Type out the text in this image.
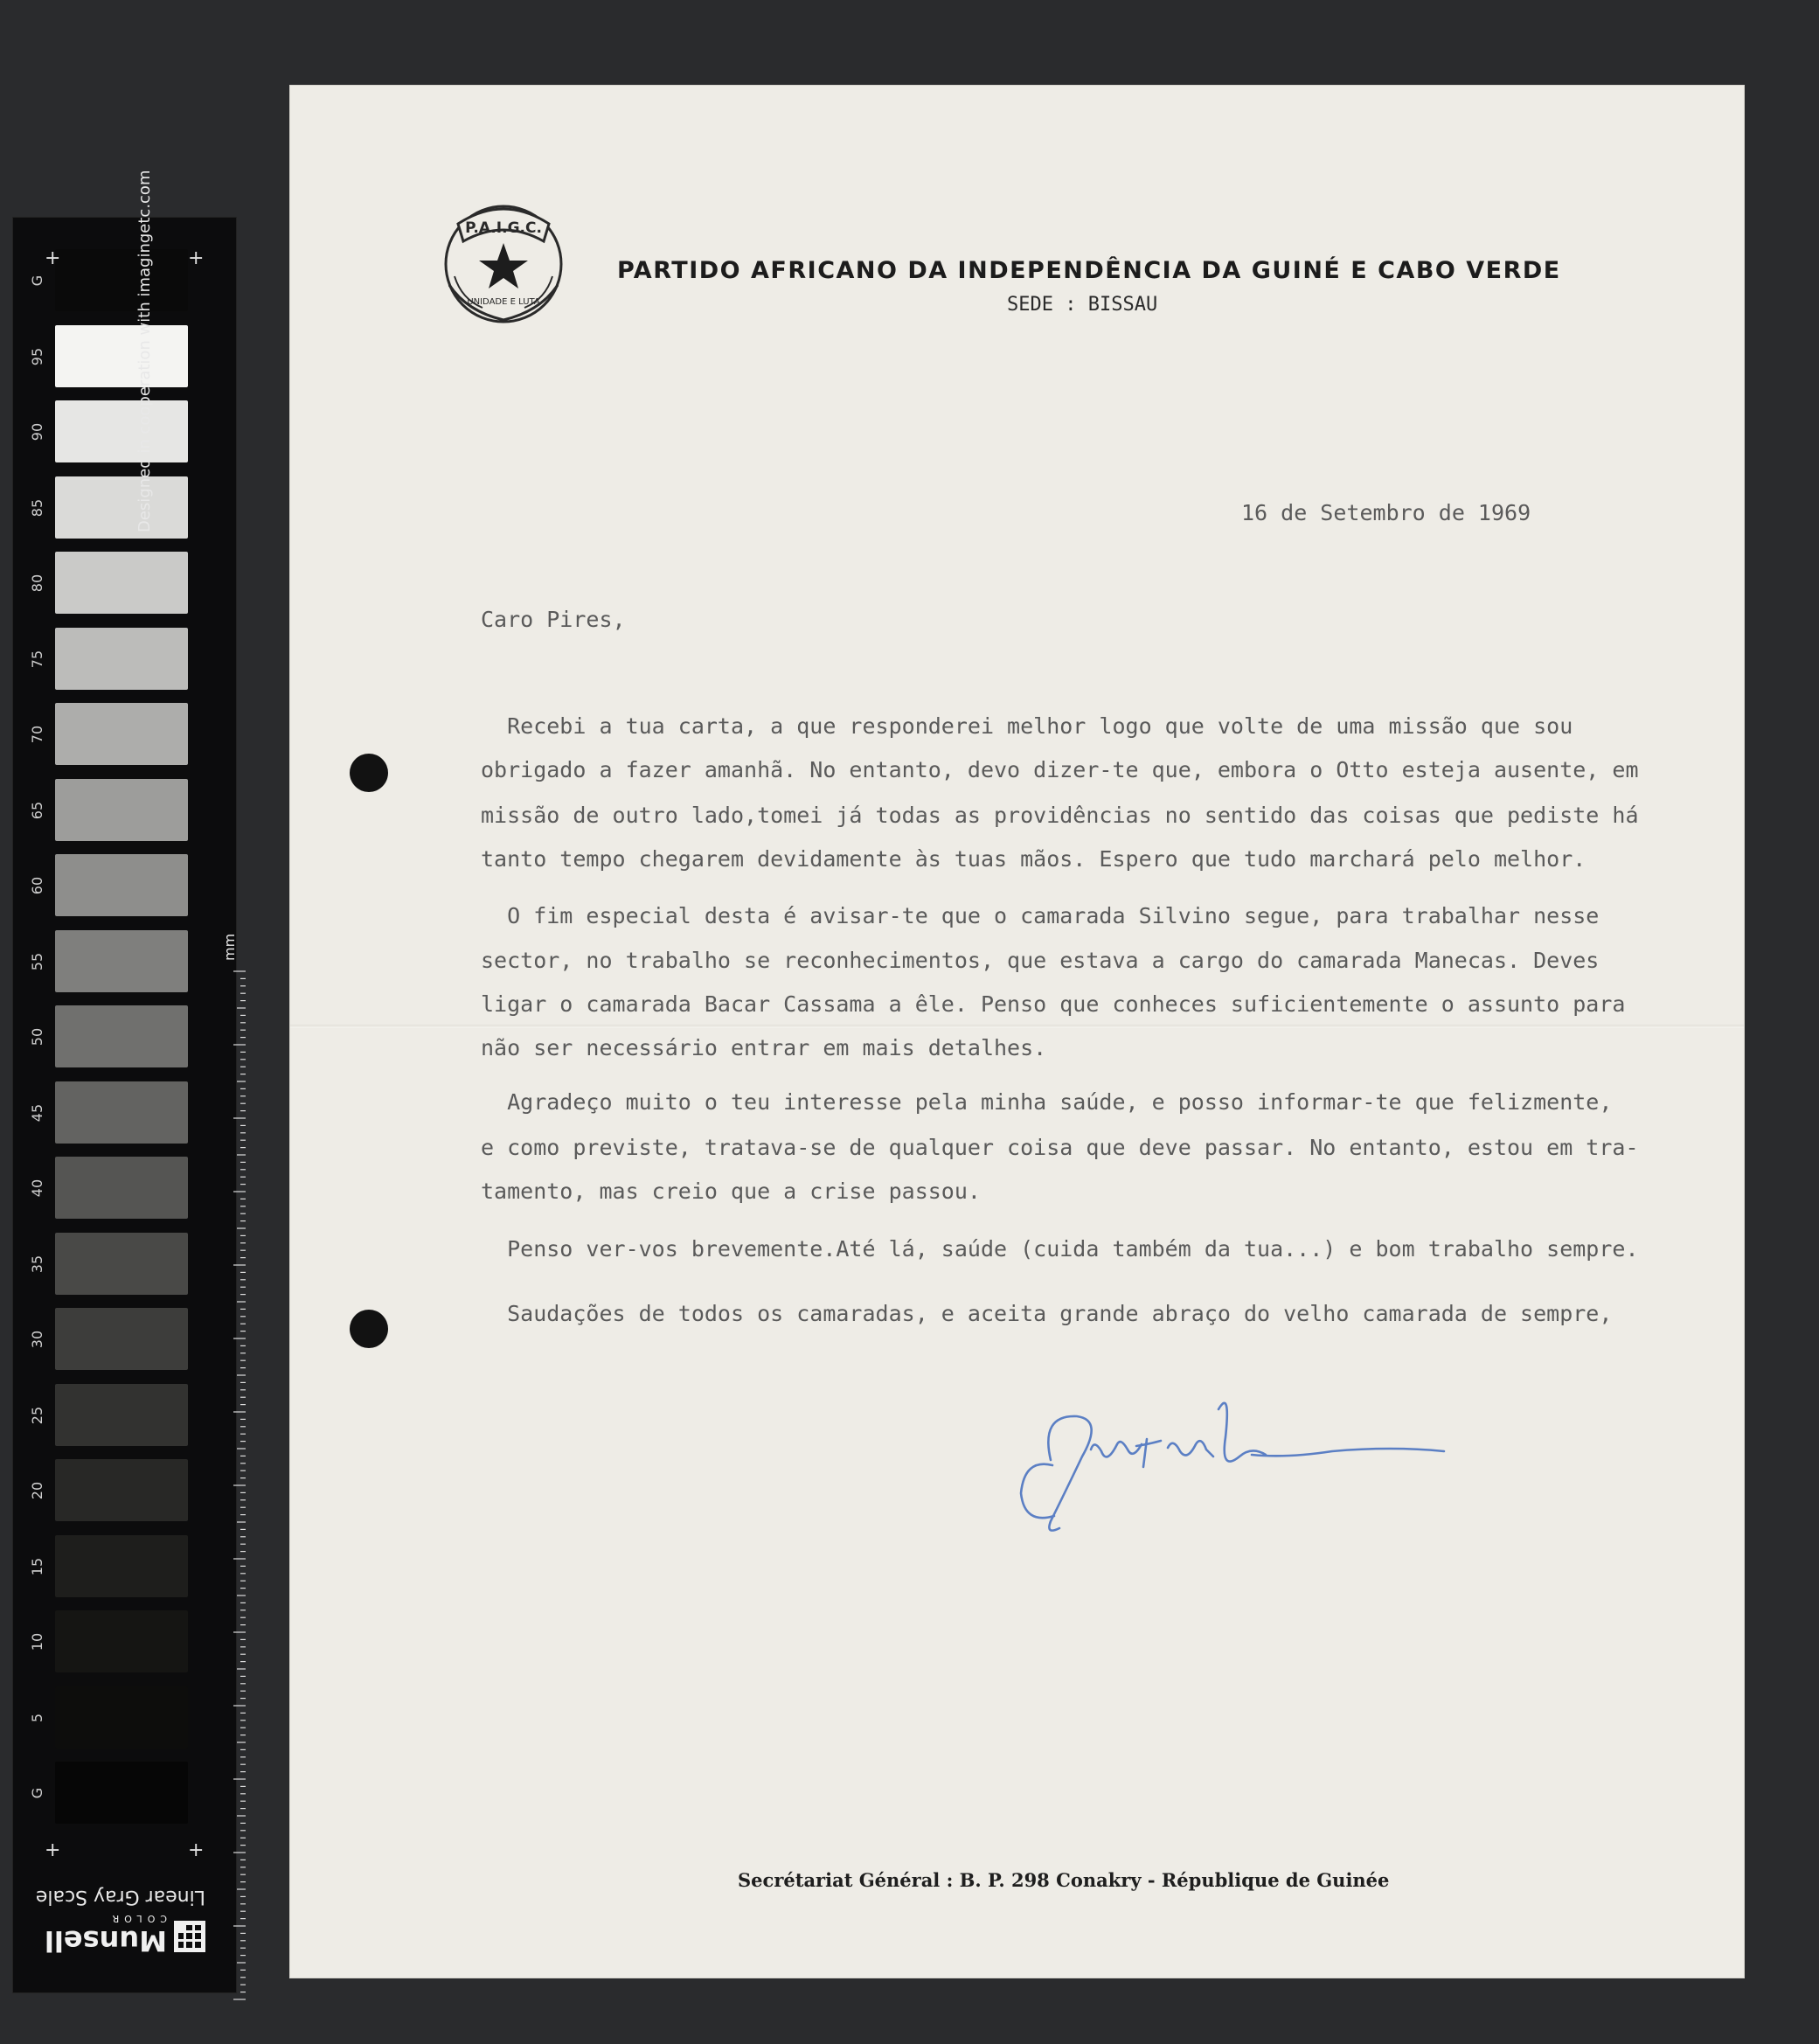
G
95
90
85
80
75
70
65
60
55
50
45
40
35
30
25
20
15
10
5
G
+	+
+	+
Designed in cooperation with imagingetc.com
mm
Linear Gray Scale
Munsell
COLOR
P.A.I.G.C.
UNIDADE E LUTA
PARTIDO AFRICANO DA INDEPENDÊNCIA DA GUINÉ E CABO VERDE
SEDE : BISSAU
16 de Setembro de 1969
Caro Pires,
Recebi a tua carta, a que responderei melhor logo que volte de uma missão que sou
obrigado a fazer amanhã. No entanto, devo dizer-te que, embora o Otto esteja ausente, em
missão de outro lado,tomei já todas as providências no sentido das coisas que pediste há
tanto tempo chegarem devidamente às tuas mãos. Espero que tudo marchará pelo melhor.
O fim especial desta é avisar-te que o camarada Silvino segue, para trabalhar nesse
sector, no trabalho se reconhecimentos, que estava a cargo do camarada Manecas. Deves
ligar o camarada Bacar Cassama a êle. Penso que conheces suficientemente o assunto para
não ser necessário entrar em mais detalhes.
Agradeço muito o teu interesse pela minha saúde, e posso informar-te que felizmente,
e como previste, tratava-se de qualquer coisa que deve passar. No entanto, estou em tra-
tamento, mas creio que a crise passou.
Penso ver-vos brevemente.Até lá, saúde (cuida também da tua...) e bom trabalho sempre.
Saudações de todos os camaradas, e aceita grande abraço do velho camarada de sempre,
Secrétariat Général : B. P. 298 Conakry - République de Guinée
